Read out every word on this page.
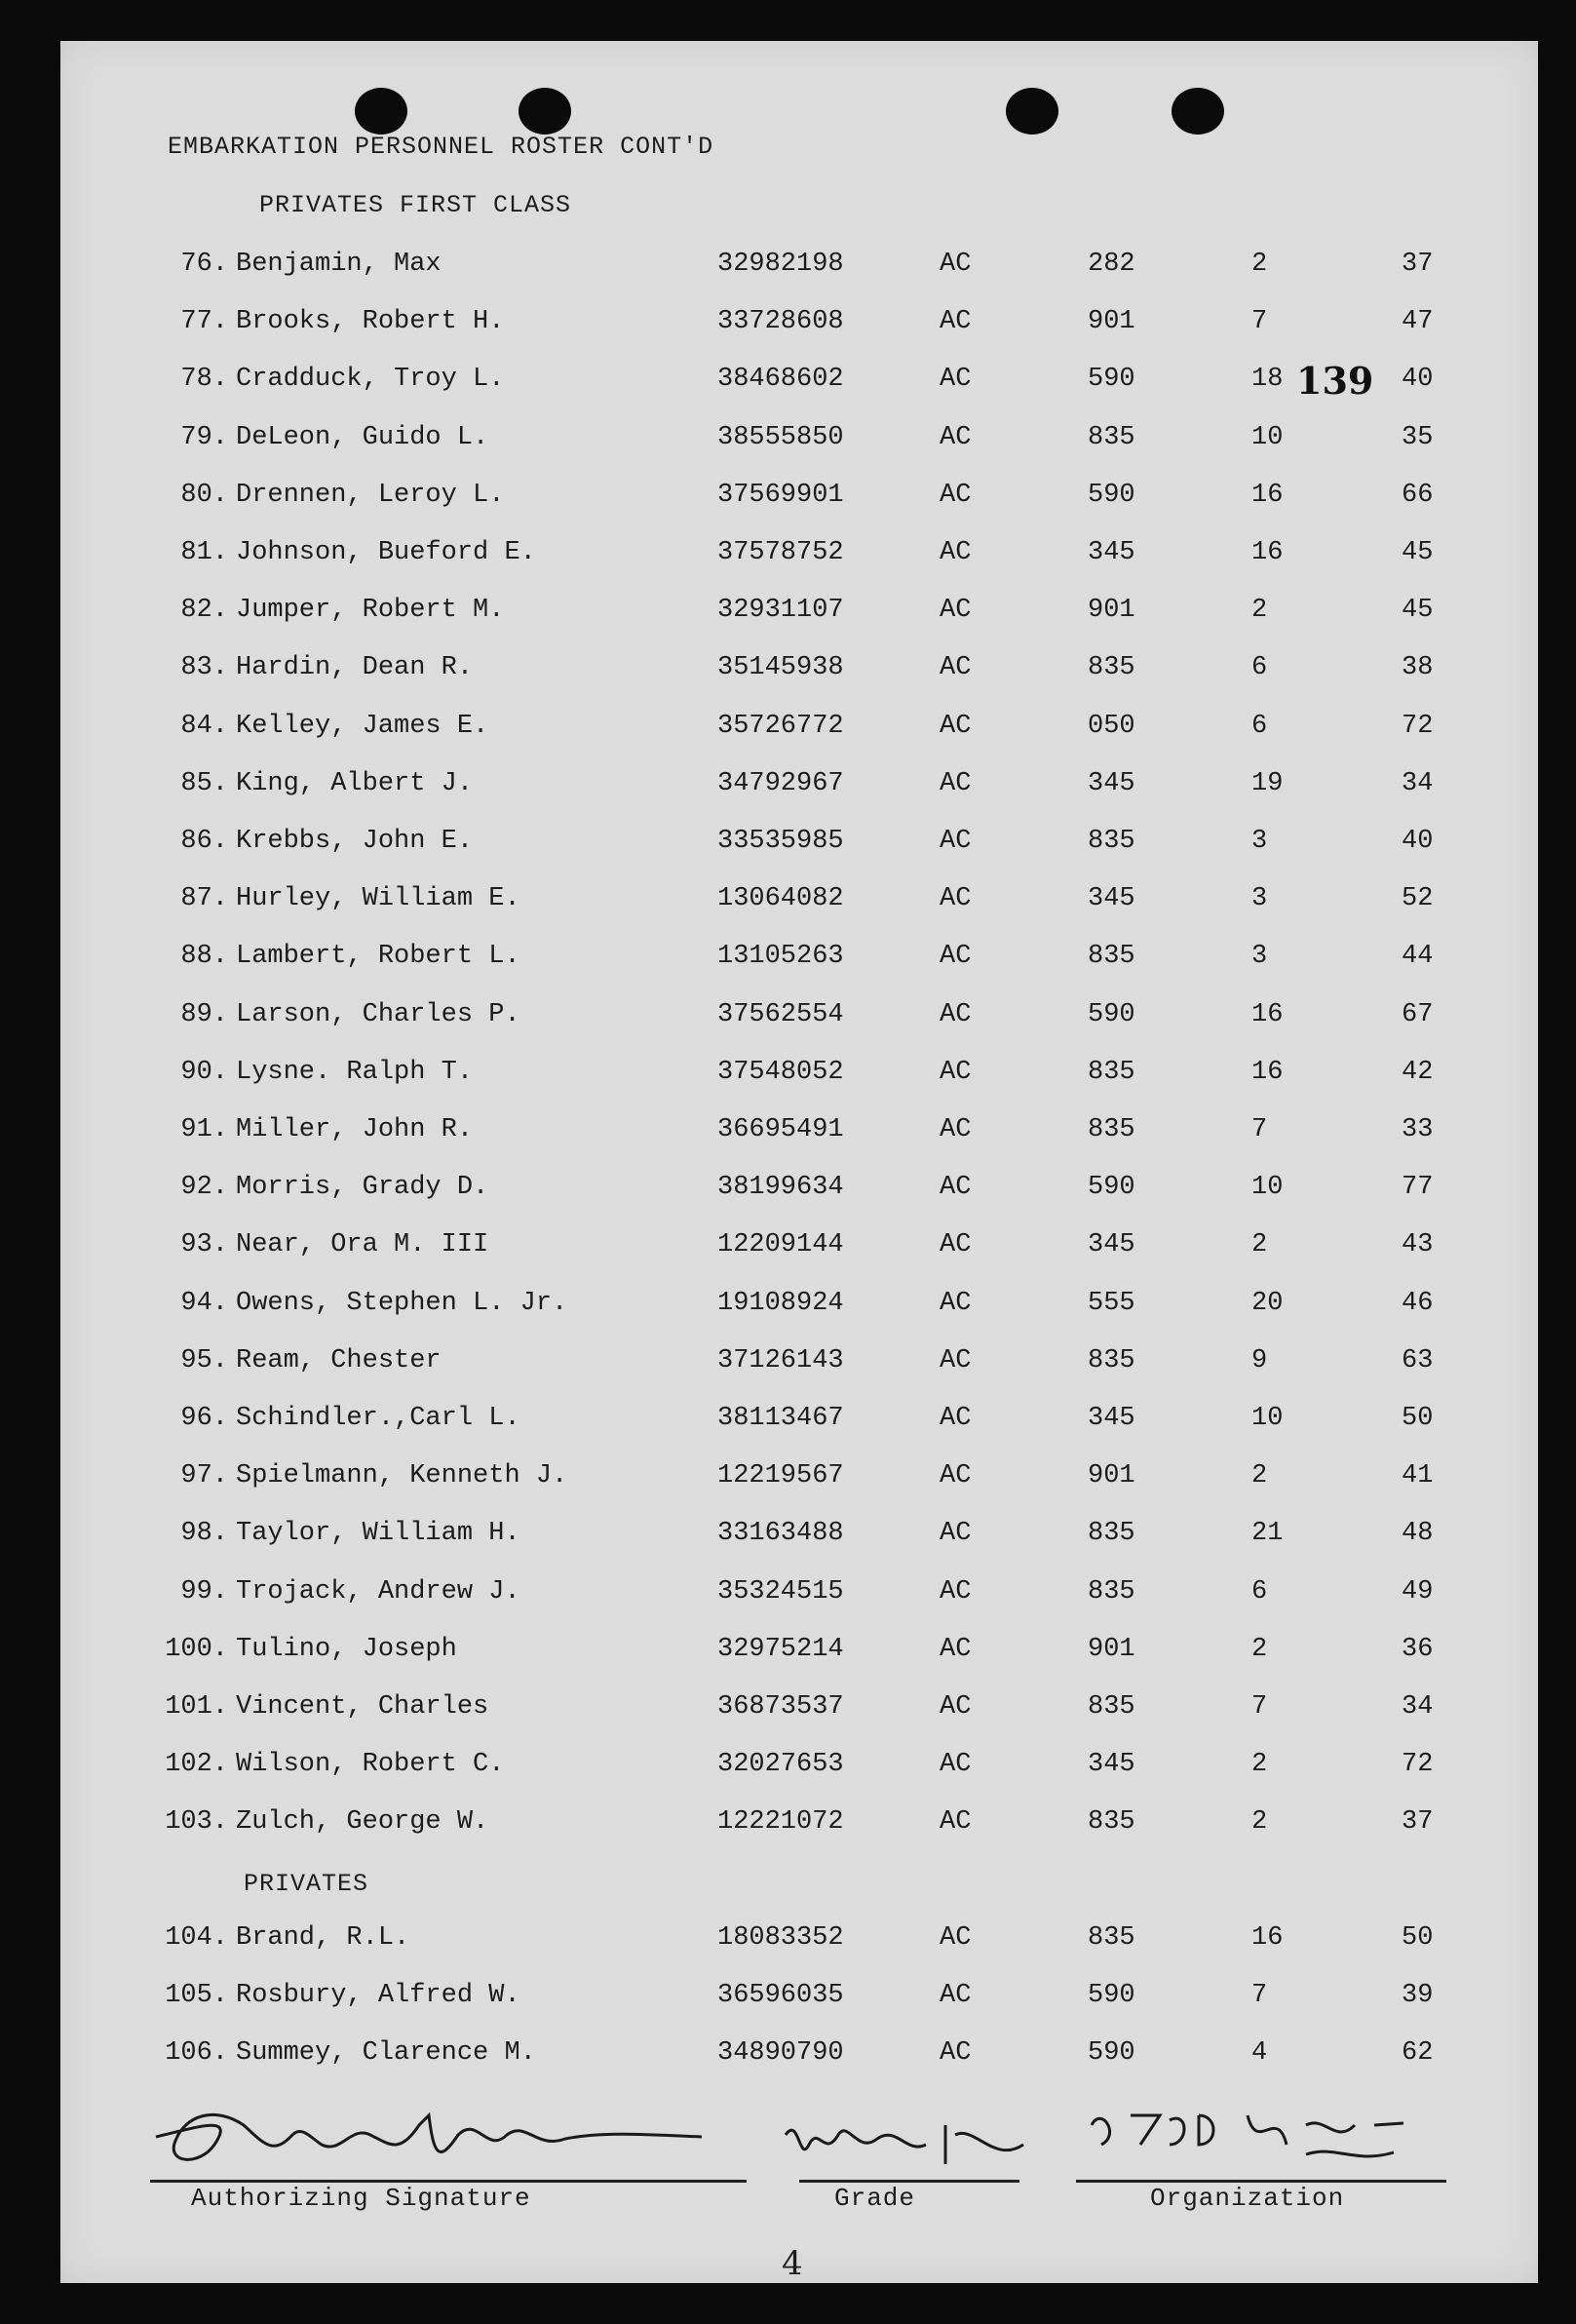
EMBARKATION PERSONNEL ROSTER CONT'D
139
PRIVATES FIRST CLASS
76. Benjamin, Max	32982198	AC	282	2	37
77. Brooks, Robert H.	33728608	AC	901	7	47
78. Cradduck, Troy L.	38468602	AC	590	18	40
79. DeLeon, Guido L.	38555850	AC	835	10	35
80. Drennen, Leroy L.	37569901	AC	590	16	66
81. Johnson, Bueford E.	37578752	AC	345	16	45
82. Jumper, Robert M.	32931107	AC	901	2	45
83. Hardin, Dean R.	35145938	AC	835	6	38
84. Kelley, James E.	35726772	AC	050	6	72
85. King, Albert J.	34792967	AC	345	19	34
86. Krebbs, John E.	33535985	AC	835	3	40
87. Hurley, William E.	13064082	AC	345	3	52
88. Lambert, Robert L.	13105263	AC	835	3	44
89. Larson, Charles P.	37562554	AC	590	16	67
90. Lysne. Ralph T.	37548052	AC	835	16	42
91. Miller, John R.	36695491	AC	835	7	33
92. Morris, Grady D.	38199634	AC	590	10	77
93. Near, Ora M. III	12209144	AC	345	2	43
94. Owens, Stephen L. Jr.	19108924	AC	555	20	46
95. Ream, Chester	37126143	AC	835	9	63
96. Schindler.,Carl L.	38113467	AC	345	10	50
97. Spielmann, Kenneth J.	12219567	AC	901	2	41
98. Taylor, William H.	33163488	AC	835	21	48
99. Trojack, Andrew J.	35324515	AC	835	6	49
100. Tulino, Joseph	32975214	AC	901	2	36
101. Vincent, Charles	36873537	AC	835	7	34
102. Wilson, Robert C.	32027653	AC	345	2	72
103. Zulch, George W.	12221072	AC	835	2	37
PRIVATES
104. Brand, R.L.	18083352	AC	835	16	50
105. Rosbury, Alfred W.	36596035	AC	590	7	39
106. Summey, Clarence M.	34890790	AC	590	4	62
Authorizing Signature	Grade	Organization
4
